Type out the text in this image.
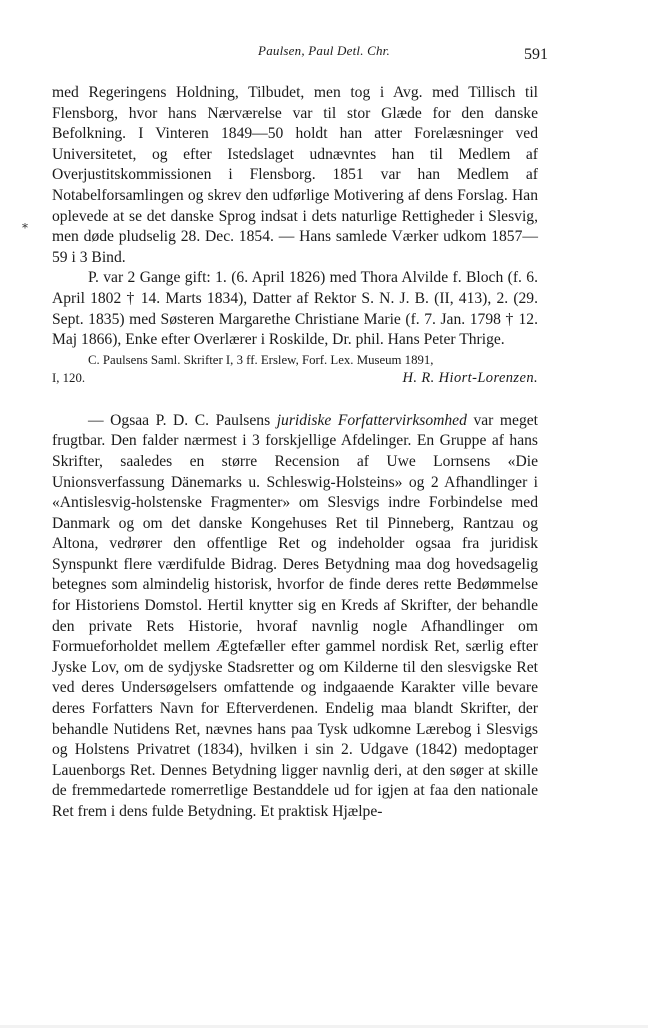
Paulsen, Paul Detl. Chr.	591
⁎

med Regeringens Holdning, Tilbudet, men tog i Avg. med Tillisch til Flensborg, hvor hans Nærværelse var til stor Glæde for den danske Befolkning. I Vinteren 1849—50 holdt han atter Forelæsninger ved Universitetet, og efter Istedslaget udnævntes han til Medlem af Overjustitskommissionen i Flensborg. 1851 var han Medlem af Notabelforsamlingen og skrev den udførlige Motivering af dens Forslag. Han oplevede at se det danske Sprog indsat i dets naturlige Rettigheder i Slesvig, men døde pludselig 28. Dec. 1854. — Hans samlede Værker udkom 1857—59 i 3 Bind.

P. var 2 Gange gift: 1. (6. April 1826) med Thora Alvilde f. Bloch (f. 6. April 1802 † 14. Marts 1834), Datter af Rektor S. N. J. B. (II, 413), 2. (29. Sept. 1835) med Søsteren Margarethe Christiane Marie (f. 7. Jan. 1798 † 12. Maj 1866), Enke efter Overlærer i Roskilde, Dr. phil. Hans Peter Thrige.

C. Paulsens Saml. Skrifter I, 3 ff. Erslew, Forf. Lex. Museum 1891,
I, 120.	H. R. Hiort-Lorenzen.

— Ogsaa P. D. C. Paulsens juridiske Forfattervirksomhed var meget frugtbar. Den falder nærmest i 3 forskjellige Afdelinger. En Gruppe af hans Skrifter, saaledes en større Recension af Uwe Lornsens «Die Unionsverfassung Dänemarks u. Schleswig-Holsteins» og 2 Afhandlinger i «Antislesvig-holstenske Fragmenter» om Slesvigs indre Forbindelse med Danmark og om det danske Kongehuses Ret til Pinneberg, Rantzau og Altona, vedrører den offentlige Ret og indeholder ogsaa fra juridisk Synspunkt flere værdifulde Bidrag. Deres Betydning maa dog hovedsagelig betegnes som almindelig historisk, hvorfor de finde deres rette Bedømmelse for Historiens Domstol. Hertil knytter sig en Kreds af Skrifter, der behandle den private Rets Historie, hvoraf navnlig nogle Afhandlinger om Formueforholdet mellem Ægtefæller efter gammel nordisk Ret, særlig efter Jyske Lov, om de sydjyske Stadsretter og om Kilderne til den slesvigske Ret ved deres Undersøgelsers omfattende og indgaaende Karakter ville bevare deres Forfatters Navn for Efterverdenen. Endelig maa blandt Skrifter, der behandle Nutidens Ret, nævnes hans paa Tysk udkomne Lærebog i Slesvigs og Holstens Privatret (1834), hvilken i sin 2. Udgave (1842) medoptager Lauenborgs Ret. Dennes Betydning ligger navnlig deri, at den søger at skille de fremmedartede romerretlige Bestanddele ud for igjen at faa den nationale Ret frem i dens fulde Betydning. Et praktisk Hjælpe-
